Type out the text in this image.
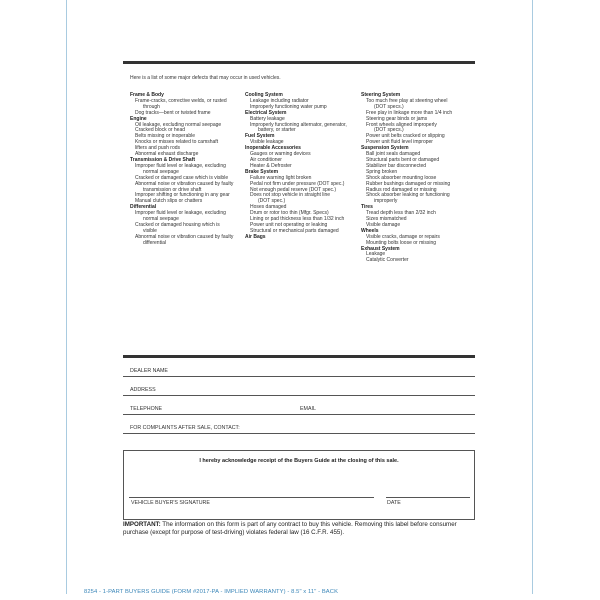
Here is a list of some major defects that may occur in used vehicles.
Frame & Body
Frame-cracks, corrective welds, or rusted
through
Dog tracks—bent or twisted frame
Engine
Oil leakage, excluding normal seepage
Cracked block or head
Belts missing or inoperable
Knocks or misses related to camshaft
lifters and push rods
Abnormal exhaust discharge
Transmission & Drive Shaft
Improper fluid level or leakage, excluding
normal seepage
Cracked or damaged case which is visible
Abnormal noise or vibration caused by faulty
transmission or drive shaft
Improper shifting or functioning in any gear
Manual clutch slips or chatters
Differential
Improper fluid level or leakage, excluding
normal seepage
Cracked or damaged housing which is
visible
Abnormal noise or vibration caused by faulty
differential
Cooling System
Leakage including radiator
Improperly functioning water pump
Electrical System
Battery leakage
Improperly functioning alternator, generator,
battery, or starter
Fuel System
Visible leakage
Inoperable Accessories
Gauges or warning devices
Air conditioner
Heater & Defroster
Brake System
Failure warning light broken
Pedal not firm under pressure (DOT spec.)
Not enough pedal reserve (DOT spec.)
Does not stop vehicle in straight line
(DOT spec.)
Hoses damaged
Drum or rotor too thin (Mfgr. Specs)
Lining or pad thickness less than 1/32 inch
Power unit not operating or leaking
Structural or mechanical parts damaged
Air Bags
Steering System
Too much free play at steering wheel
(DOT specs.)
Free play in linkage more than 1/4 inch
Steering gear binds or jams
Front wheels aligned improperly
(DOT specs.)
Power unit belts cracked or slipping
Power unit fluid level improper
Suspension System
Ball joint seals damaged
Structural parts bent or damaged
Stabilizer bar disconnected
Spring broken
Shock absorber mounting loose
Rubber bushings damaged or missing
Radius rod damaged or missing
Shock absorber leaking or functioning
improperly
Tires
Tread depth less than 2/32 inch
Sizes mismatched
Visible damage
Wheels
Visible cracks, damage or repairs
Mounting bolts loose or missing
Exhaust System
Leakage
Catalytic Converter
DEALER NAME
ADDRESS
TELEPHONE	EMAIL
FOR COMPLAINTS AFTER SALE, CONTACT:
I hereby acknowledge receipt of the Buyers Guide at the closing of this sale.
VEHICLE BUYER'S SIGNATURE	DATE
IMPORTANT: The information on this form is part of any contract to buy this vehicle. Removing this label before consumer purchase (except for purpose of test-driving) violates federal law (16 C.F.R. 455).
8254 - 1-PART BUYERS GUIDE (FORM #2017-PA - IMPLIED WARRANTY) - 8.5" x 11" - BACK
